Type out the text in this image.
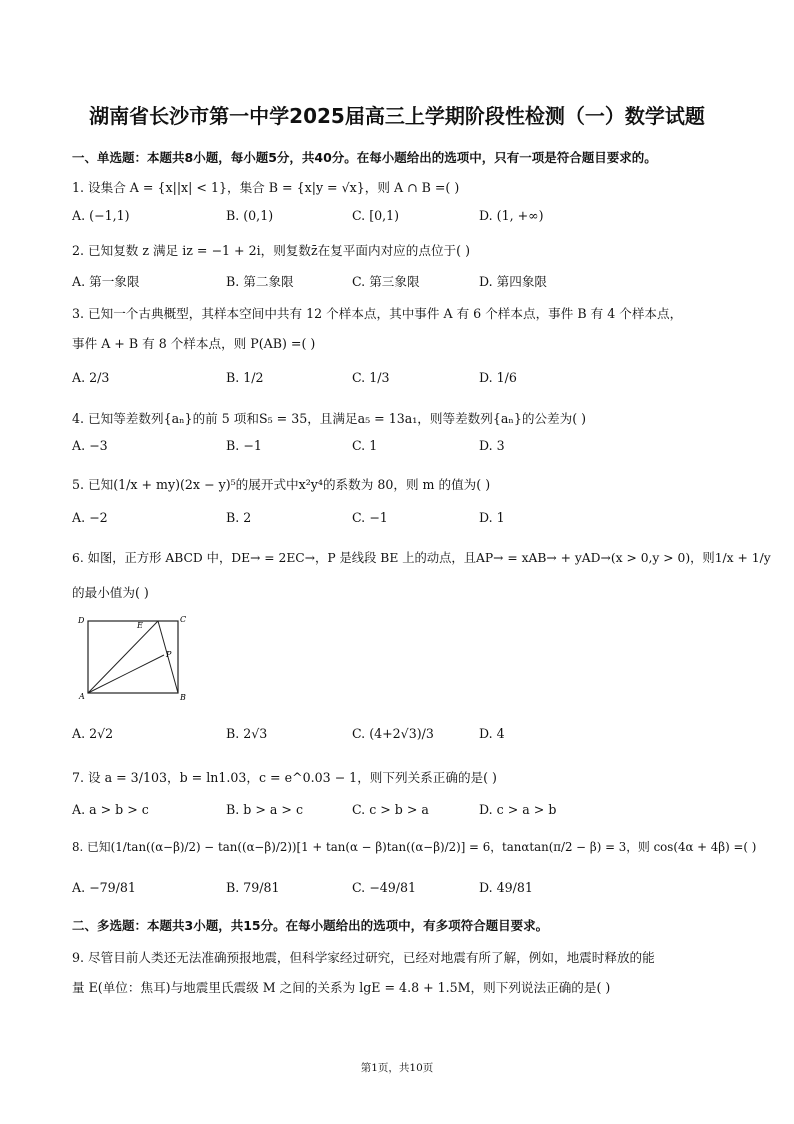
湖南省长沙市第一中学2025届高三上学期阶段性检测（一）数学试题
一、单选题：本题共8小题，每小题5分，共40分。在每小题给出的选项中，只有一项是符合题目要求的。
1. 设集合 A = {x||x| < 1}，集合 B = {x|y = √x}，则 A ∩ B =( )
A. (−1,1)	B. (0,1)	C. [0,1)	D. (1, +∞)
2. 已知复数 z 满足 iz = −1 + 2i，则复数z̄在复平面内对应的点位于( )
A. 第一象限	B. 第二象限	C. 第三象限	D. 第四象限
3. 已知一个古典概型，其样本空间中共有 12 个样本点，其中事件 A 有 6 个样本点，事件 B 有 4 个样本点，
事件 A + B 有 8 个样本点，则 P(AB) =( )
A. 2/3	B. 1/2	C. 1/3	D. 1/6
4. 已知等差数列{aₙ}的前 5 项和S₅ = 35，且满足a₅ = 13a₁，则等差数列{aₙ}的公差为( )
A. −3	B. −1	C. 1	D. 3
5. 已知(1/x + my)(2x − y)⁵的展开式中x²y⁴的系数为 80，则 m 的值为( )
A. −2	B. 2	C. −1	D. 1
6. 如图，正方形 ABCD 中，DE→ = 2EC→，P 是线段 BE 上的动点，且AP→ = xAB→ + yAD→(x > 0,y > 0)，则1/x + 1/y
的最小值为( )
D	C
E
P
A	B
A. 2√2	B. 2√3	C. (4+2√3)/3	D. 4
7. 设 a = 3/103，b = ln1.03，c = e^0.03 − 1，则下列关系正确的是( )
A. a > b > c	B. b > a > c	C. c > b > a	D. c > a > b
8. 已知(1/tan((α−β)/2) − tan((α−β)/2))[1 + tan(α − β)tan((α−β)/2)] = 6，tanαtan(π/2 − β) = 3，则 cos(4α + 4β) =( )
A. −79/81	B. 79/81	C. −49/81	D. 49/81
二、多选题：本题共3小题，共15分。在每小题给出的选项中，有多项符合题目要求。
9. 尽管目前人类还无法准确预报地震，但科学家经过研究，已经对地震有所了解，例如，地震时释放的能
量 E(单位：焦耳)与地震里氏震级 M 之间的关系为 lgE = 4.8 + 1.5M，则下列说法正确的是( )
第1页，共10页
